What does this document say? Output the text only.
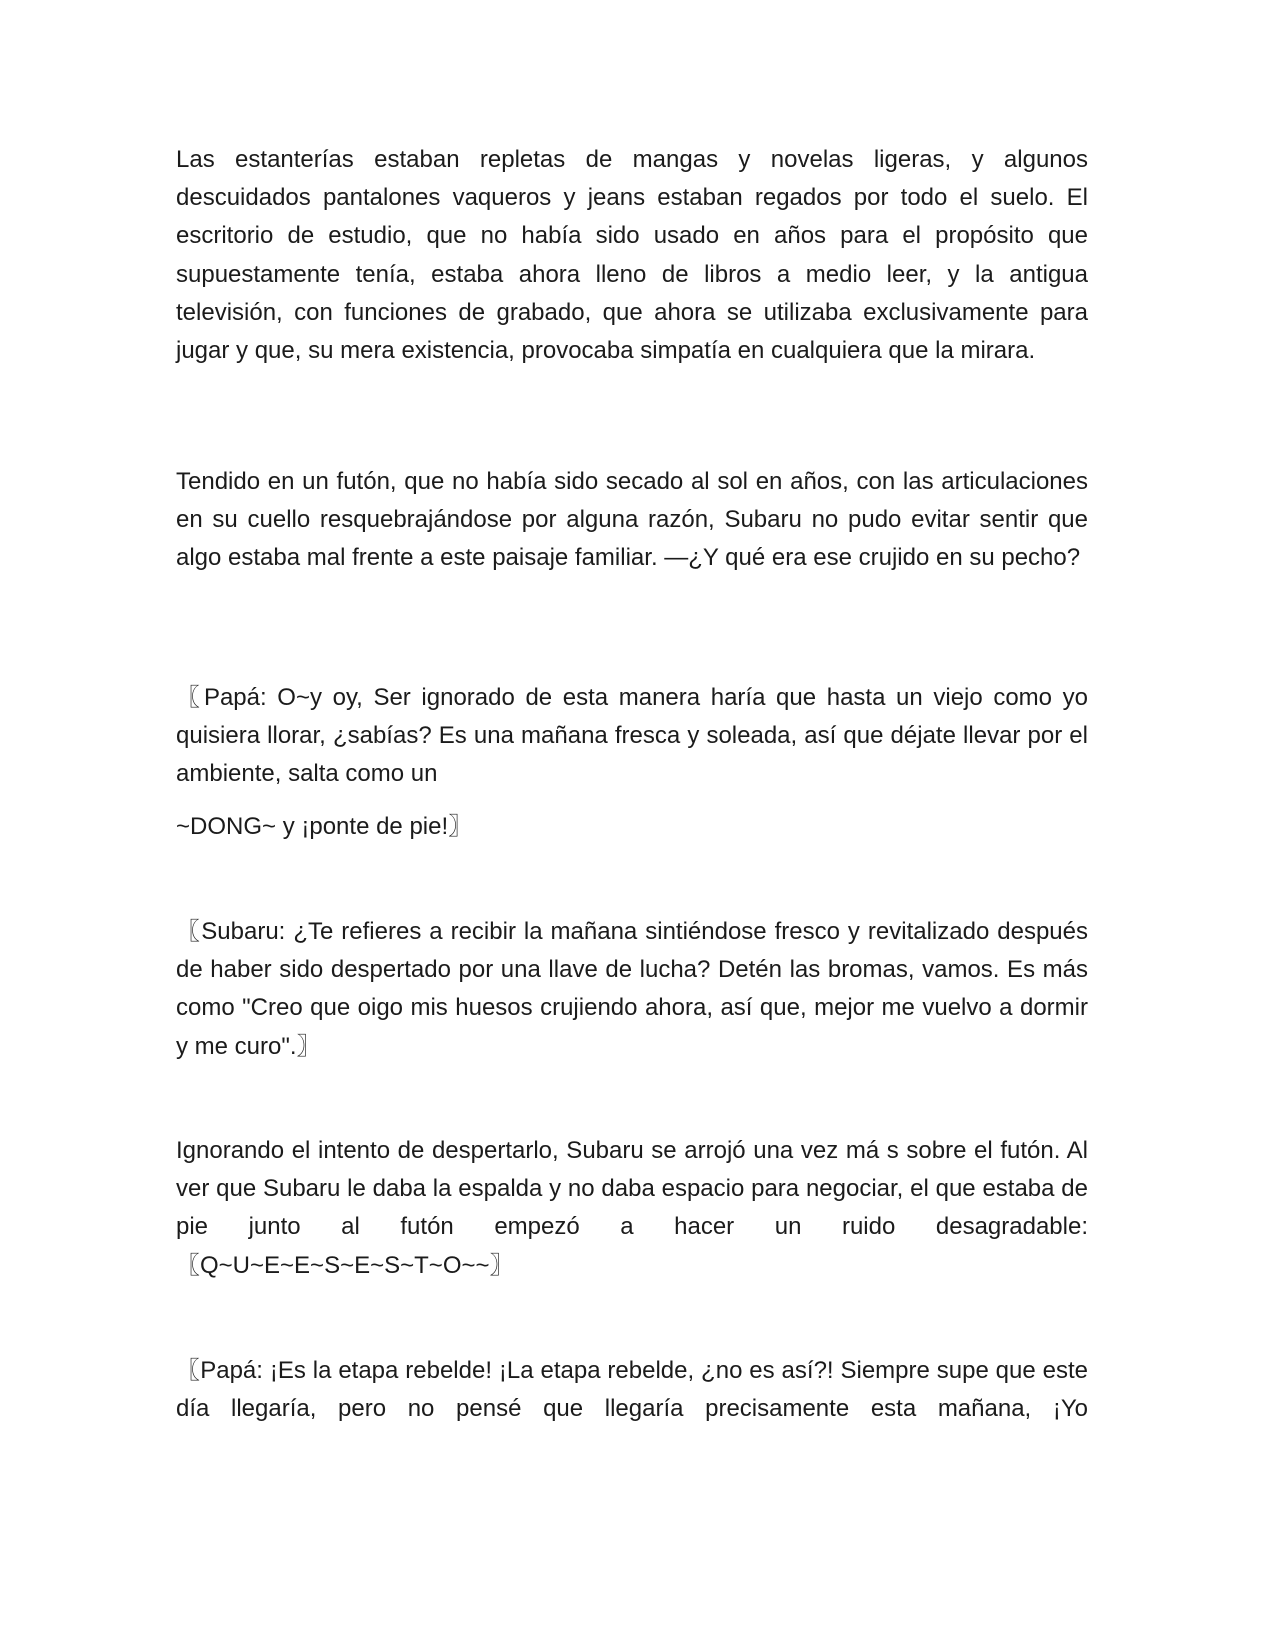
Las estanterías estaban repletas de mangas y novelas ligeras, y algunos descuidados pantalones vaqueros y jeans estaban regados por todo el suelo. El escritorio de estudio, que no había sido usado en años para el propósito que supuestamente tenía, estaba ahora lleno de libros a medio leer, y la antigua televisión, con funciones de grabado, que ahora se utilizaba exclusivamente para jugar y que, su mera existencia, provocaba simpatía en cualquiera que la mirara.

Tendido en un futón, que no había sido secado al sol en años, con las articulaciones en su cuello resquebrajándose por alguna razón, Subaru no pudo evitar sentir que algo estaba mal frente a este paisaje familiar. —¿Y qué era ese crujido en su pecho?

〖Papá: O~y oy, Ser ignorado de esta manera haría que hasta un viejo como yo quisiera llorar, ¿sabías? Es una mañana fresca y soleada, así que déjate llevar por el ambiente, salta como un

~DONG~ y ¡ponte de pie!〗

〖Subaru: ¿Te refieres a recibir la mañana sintiéndose fresco y revitalizado después de haber sido despertado por una llave de lucha? Detén las bromas, vamos. Es más como "Creo que oigo mis huesos crujiendo ahora, así que, mejor me vuelvo a dormir y me curo".〗

Ignorando el intento de despertarlo, Subaru se arrojó una vez má s sobre el futón. Al ver que Subaru le daba la espalda y no daba espacio para negociar, el que estaba de pie junto al futón empezó a hacer un ruido desagradable: 〖Q~U~E~E~S~E~S~T~O~~〗

〖Papá: ¡Es la etapa rebelde! ¡La etapa rebelde, ¿no es así?! Siempre supe que este día llegaría, pero no pensé que llegaría precisamente esta mañana, ¡Yo
